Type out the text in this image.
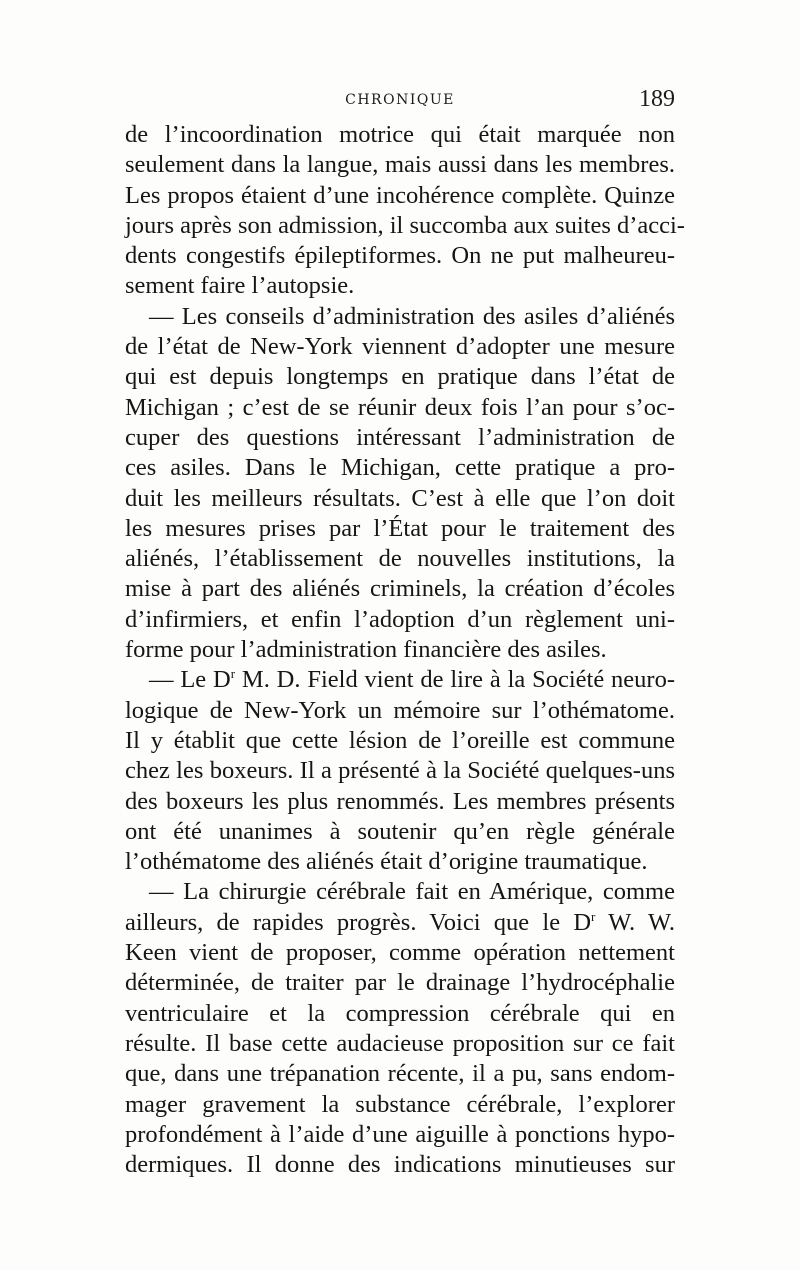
CHRONIQUE	189
de l’incoordination motrice qui était marquée non
seulement dans la langue, mais aussi dans les membres.
Les propos étaient d’une incohérence complète. Quinze
jours après son admission, il succomba aux suites d’acci-
dents congestifs épileptiformes. On ne put malheureu-
sement faire l’autopsie.
— Les conseils d’administration des asiles d’aliénés
de l’état de New-York viennent d’adopter une mesure
qui est depuis longtemps en pratique dans l’état de
Michigan ; c’est de se réunir deux fois l’an pour s’oc-
cuper des questions intéressant l’administration de
ces asiles. Dans le Michigan, cette pratique a pro-
duit les meilleurs résultats. C’est à elle que l’on doit
les mesures prises par l’État pour le traitement des
aliénés, l’établissement de nouvelles institutions, la
mise à part des aliénés criminels, la création d’écoles
d’infirmiers, et enfin l’adoption d’un règlement uni-
forme pour l’administration financière des asiles.
— Le $D^r$ M. D. Field vient de lire à la Société neuro-
logique de New-York un mémoire sur l’othématome.
Il y établit que cette lésion de l’oreille est commune
chez les boxeurs. Il a présenté à la Société quelques-uns
des boxeurs les plus renommés. Les membres présents
ont été unanimes à soutenir qu’en règle générale
l’othématome des aliénés était d’origine traumatique.
— La chirurgie cérébrale fait en Amérique, comme
ailleurs, de rapides progrès. Voici que le $D^r$ W. W.
Keen vient de proposer, comme opération nettement
déterminée, de traiter par le drainage l’hydrocéphalie
ventriculaire et la compression cérébrale qui en
résulte. Il base cette audacieuse proposition sur ce fait
que, dans une trépanation récente, il a pu, sans endom-
mager gravement la substance cérébrale, l’explorer
profondément à l’aide d’une aiguille à ponctions hypo-
dermiques. Il donne des indications minutieuses sur
